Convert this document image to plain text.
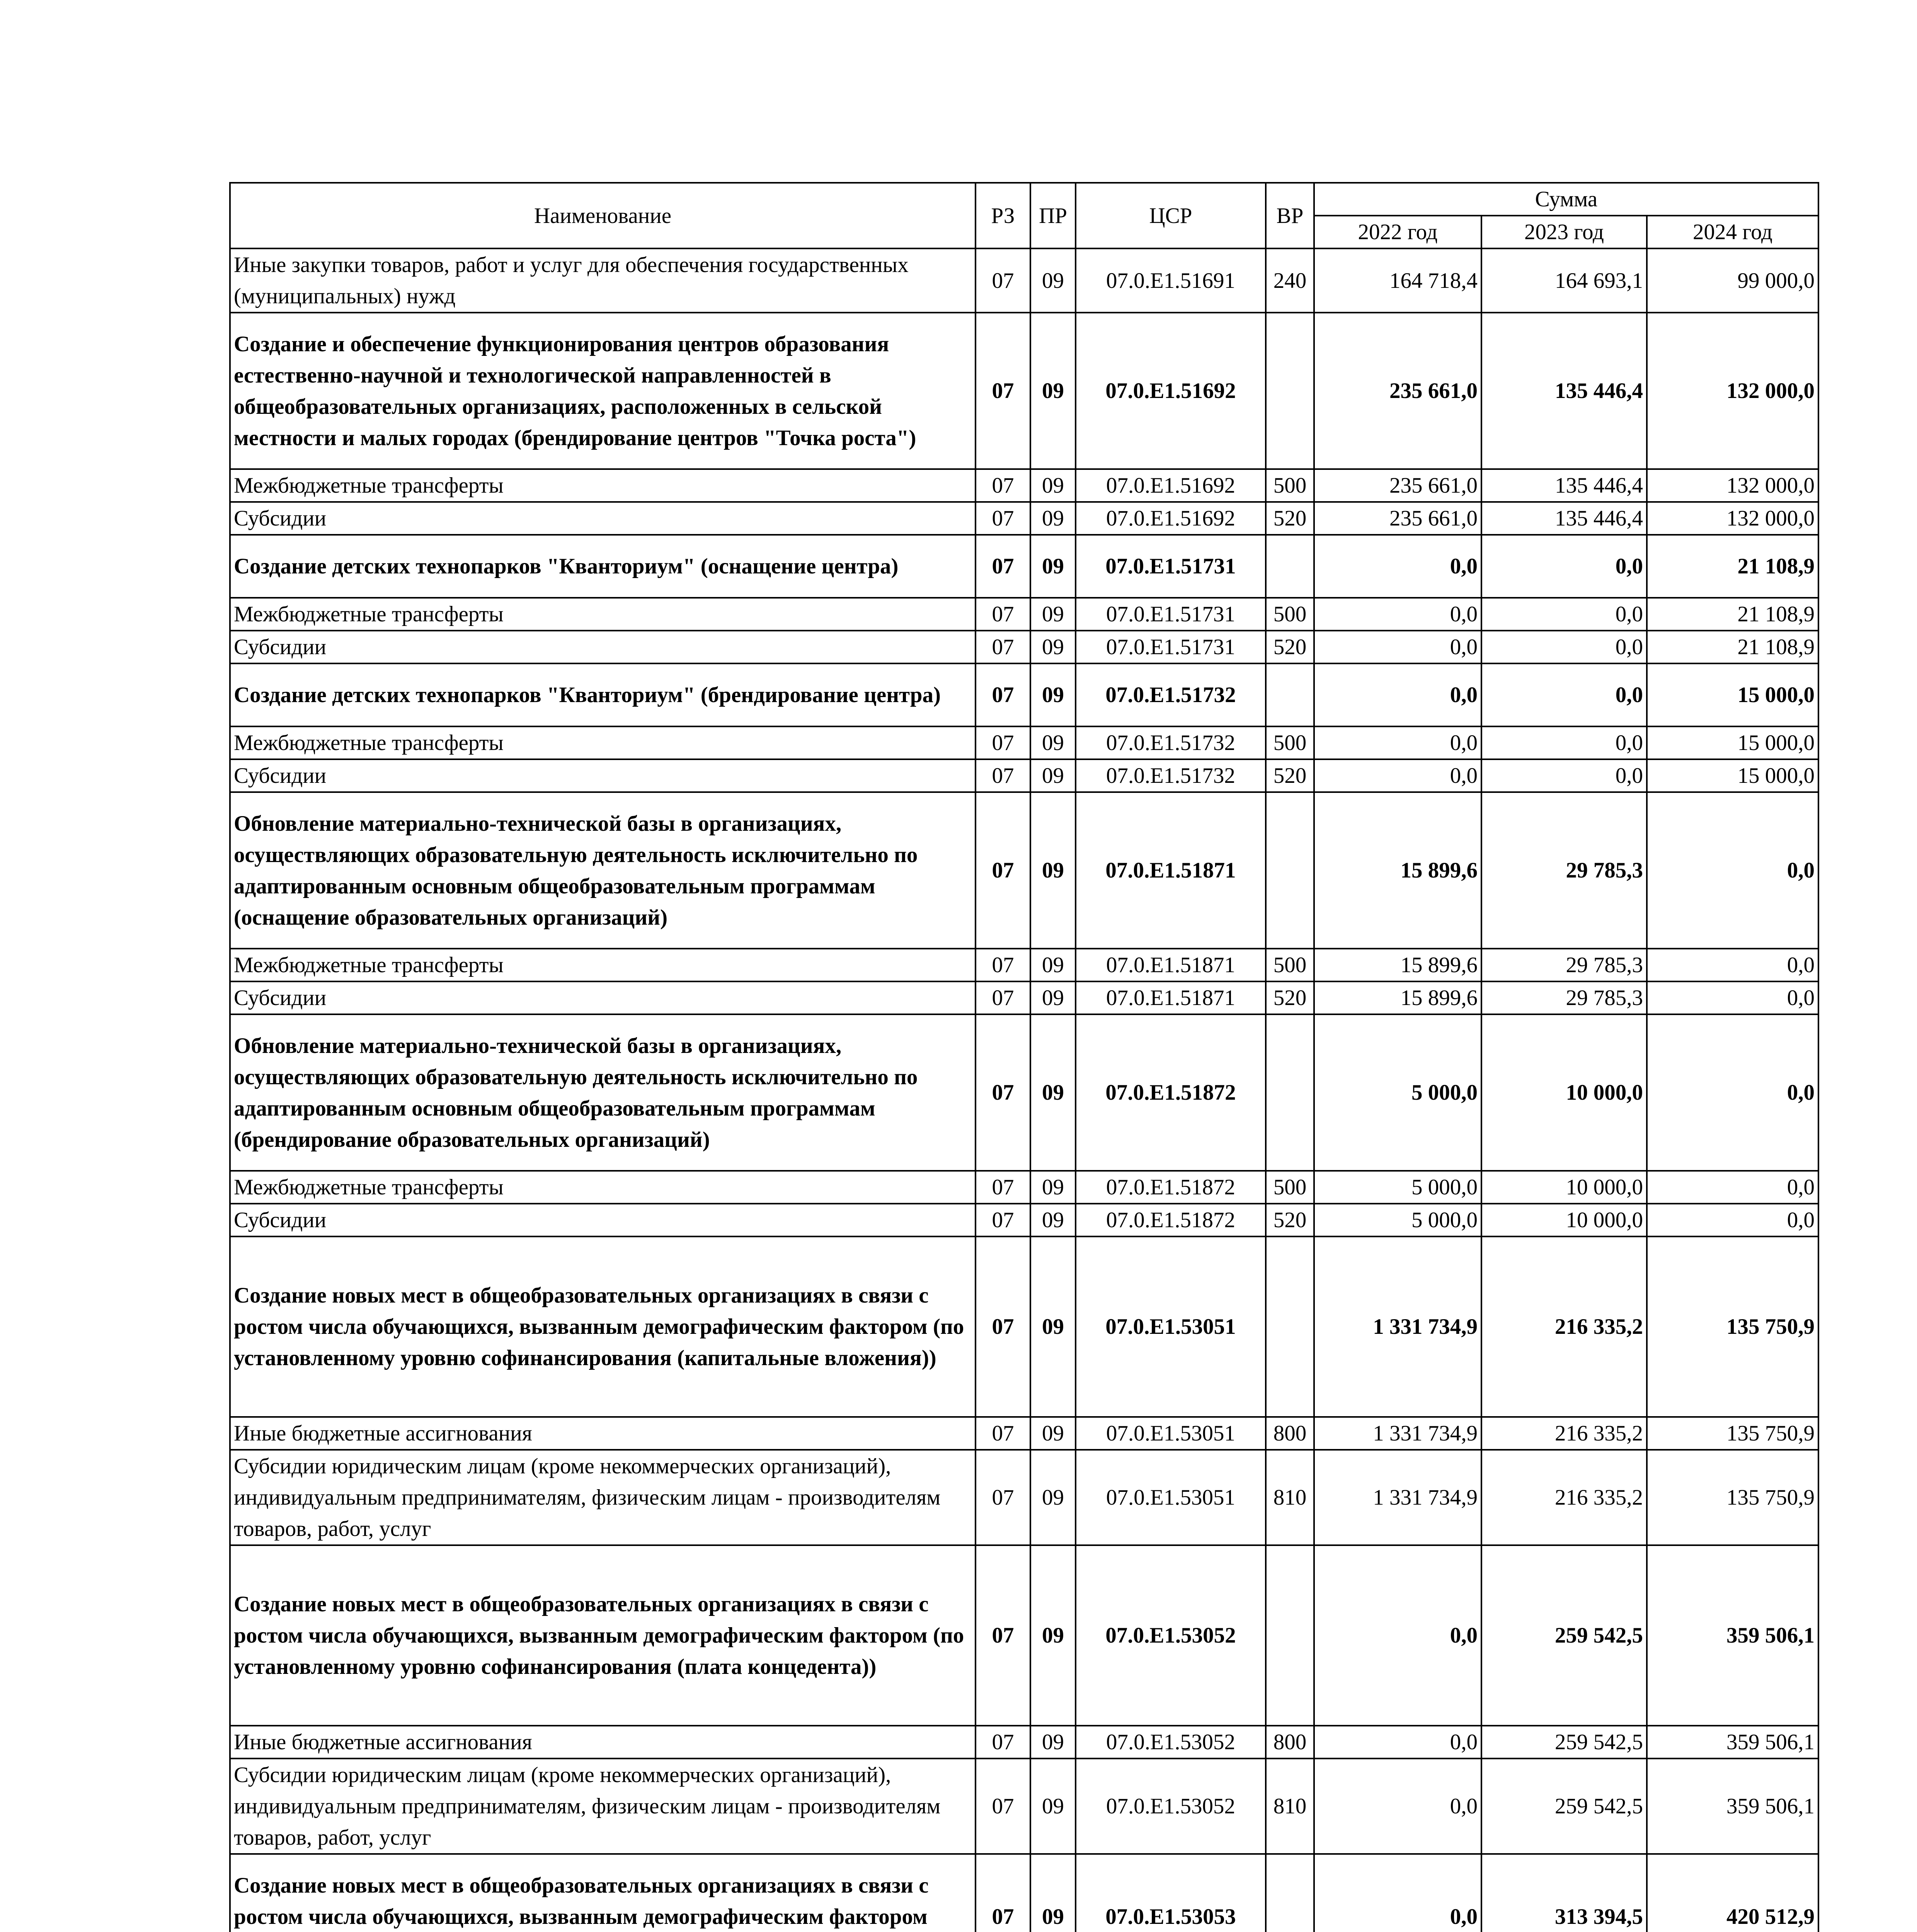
Наименование	РЗ	ПР	ЦСР	ВР	Сумма		
					2022 год	2023 год	2024 год
Иные закупки товаров, работ и услуг для обеспечения государственных (муниципальных) нужд	07	09	07.0.E1.51691	240	164 718,4	164 693,1	99 000,0
Создание и обеспечение функционирования центров образования естественно-научной и технологической направленностей в общеобразовательных организациях, расположенных в сельской местности и малых городах (брендирование центров "Точка роста")	07	09	07.0.E1.51692		235 661,0	135 446,4	132 000,0
Межбюджетные трансферты	07	09	07.0.E1.51692	500	235 661,0	135 446,4	132 000,0
Субсидии	07	09	07.0.E1.51692	520	235 661,0	135 446,4	132 000,0
Создание детских технопарков "Кванториум" (оснащение центра)	07	09	07.0.E1.51731		0,0	0,0	21 108,9
Межбюджетные трансферты	07	09	07.0.E1.51731	500	0,0	0,0	21 108,9
Субсидии	07	09	07.0.E1.51731	520	0,0	0,0	21 108,9
Создание детских технопарков "Кванториум" (брендирование центра)	07	09	07.0.E1.51732		0,0	0,0	15 000,0
Межбюджетные трансферты	07	09	07.0.E1.51732	500	0,0	0,0	15 000,0
Субсидии	07	09	07.0.E1.51732	520	0,0	0,0	15 000,0
Обновление материально-технической базы в организациях, осуществляющих образовательную деятельность исключительно по адаптированным основным общеобразовательным программам (оснащение образовательных организаций)	07	09	07.0.E1.51871		15 899,6	29 785,3	0,0
Межбюджетные трансферты	07	09	07.0.E1.51871	500	15 899,6	29 785,3	0,0
Субсидии	07	09	07.0.E1.51871	520	15 899,6	29 785,3	0,0
Обновление материально-технической базы в организациях, осуществляющих образовательную деятельность исключительно по адаптированным основным общеобразовательным программам (брендирование образовательных организаций)	07	09	07.0.E1.51872		5 000,0	10 000,0	0,0
Межбюджетные трансферты	07	09	07.0.E1.51872	500	5 000,0	10 000,0	0,0
Субсидии	07	09	07.0.E1.51872	520	5 000,0	10 000,0	0,0
Создание новых мест в общеобразовательных организациях в связи с ростом числа обучающихся, вызванным демографическим фактором (по установленному уровню софинансирования (капитальные вложения))	07	09	07.0.E1.53051		1 331 734,9	216 335,2	135 750,9
Иные бюджетные ассигнования	07	09	07.0.E1.53051	800	1 331 734,9	216 335,2	135 750,9
Субсидии юридическим лицам (кроме некоммерческих организаций), индивидуальным предпринимателям, физическим лицам - производителям товаров, работ, услуг	07	09	07.0.E1.53051	810	1 331 734,9	216 335,2	135 750,9
Создание новых мест в общеобразовательных организациях в связи с ростом числа обучающихся, вызванным демографическим фактором (по установленному уровню софинансирования (плата концедента))	07	09	07.0.E1.53052		0,0	259 542,5	359 506,1
Иные бюджетные ассигнования	07	09	07.0.E1.53052	800	0,0	259 542,5	359 506,1
Субсидии юридическим лицам (кроме некоммерческих организаций), индивидуальным предпринимателям, физическим лицам - производителям товаров, работ, услуг	07	09	07.0.E1.53052	810	0,0	259 542,5	359 506,1
Создание новых мест в общеобразовательных организациях в связи с ростом числа обучающихся, вызванным демографическим фактором	07	09	07.0.E1.53053		0,0	313 394,5	420 512,9
